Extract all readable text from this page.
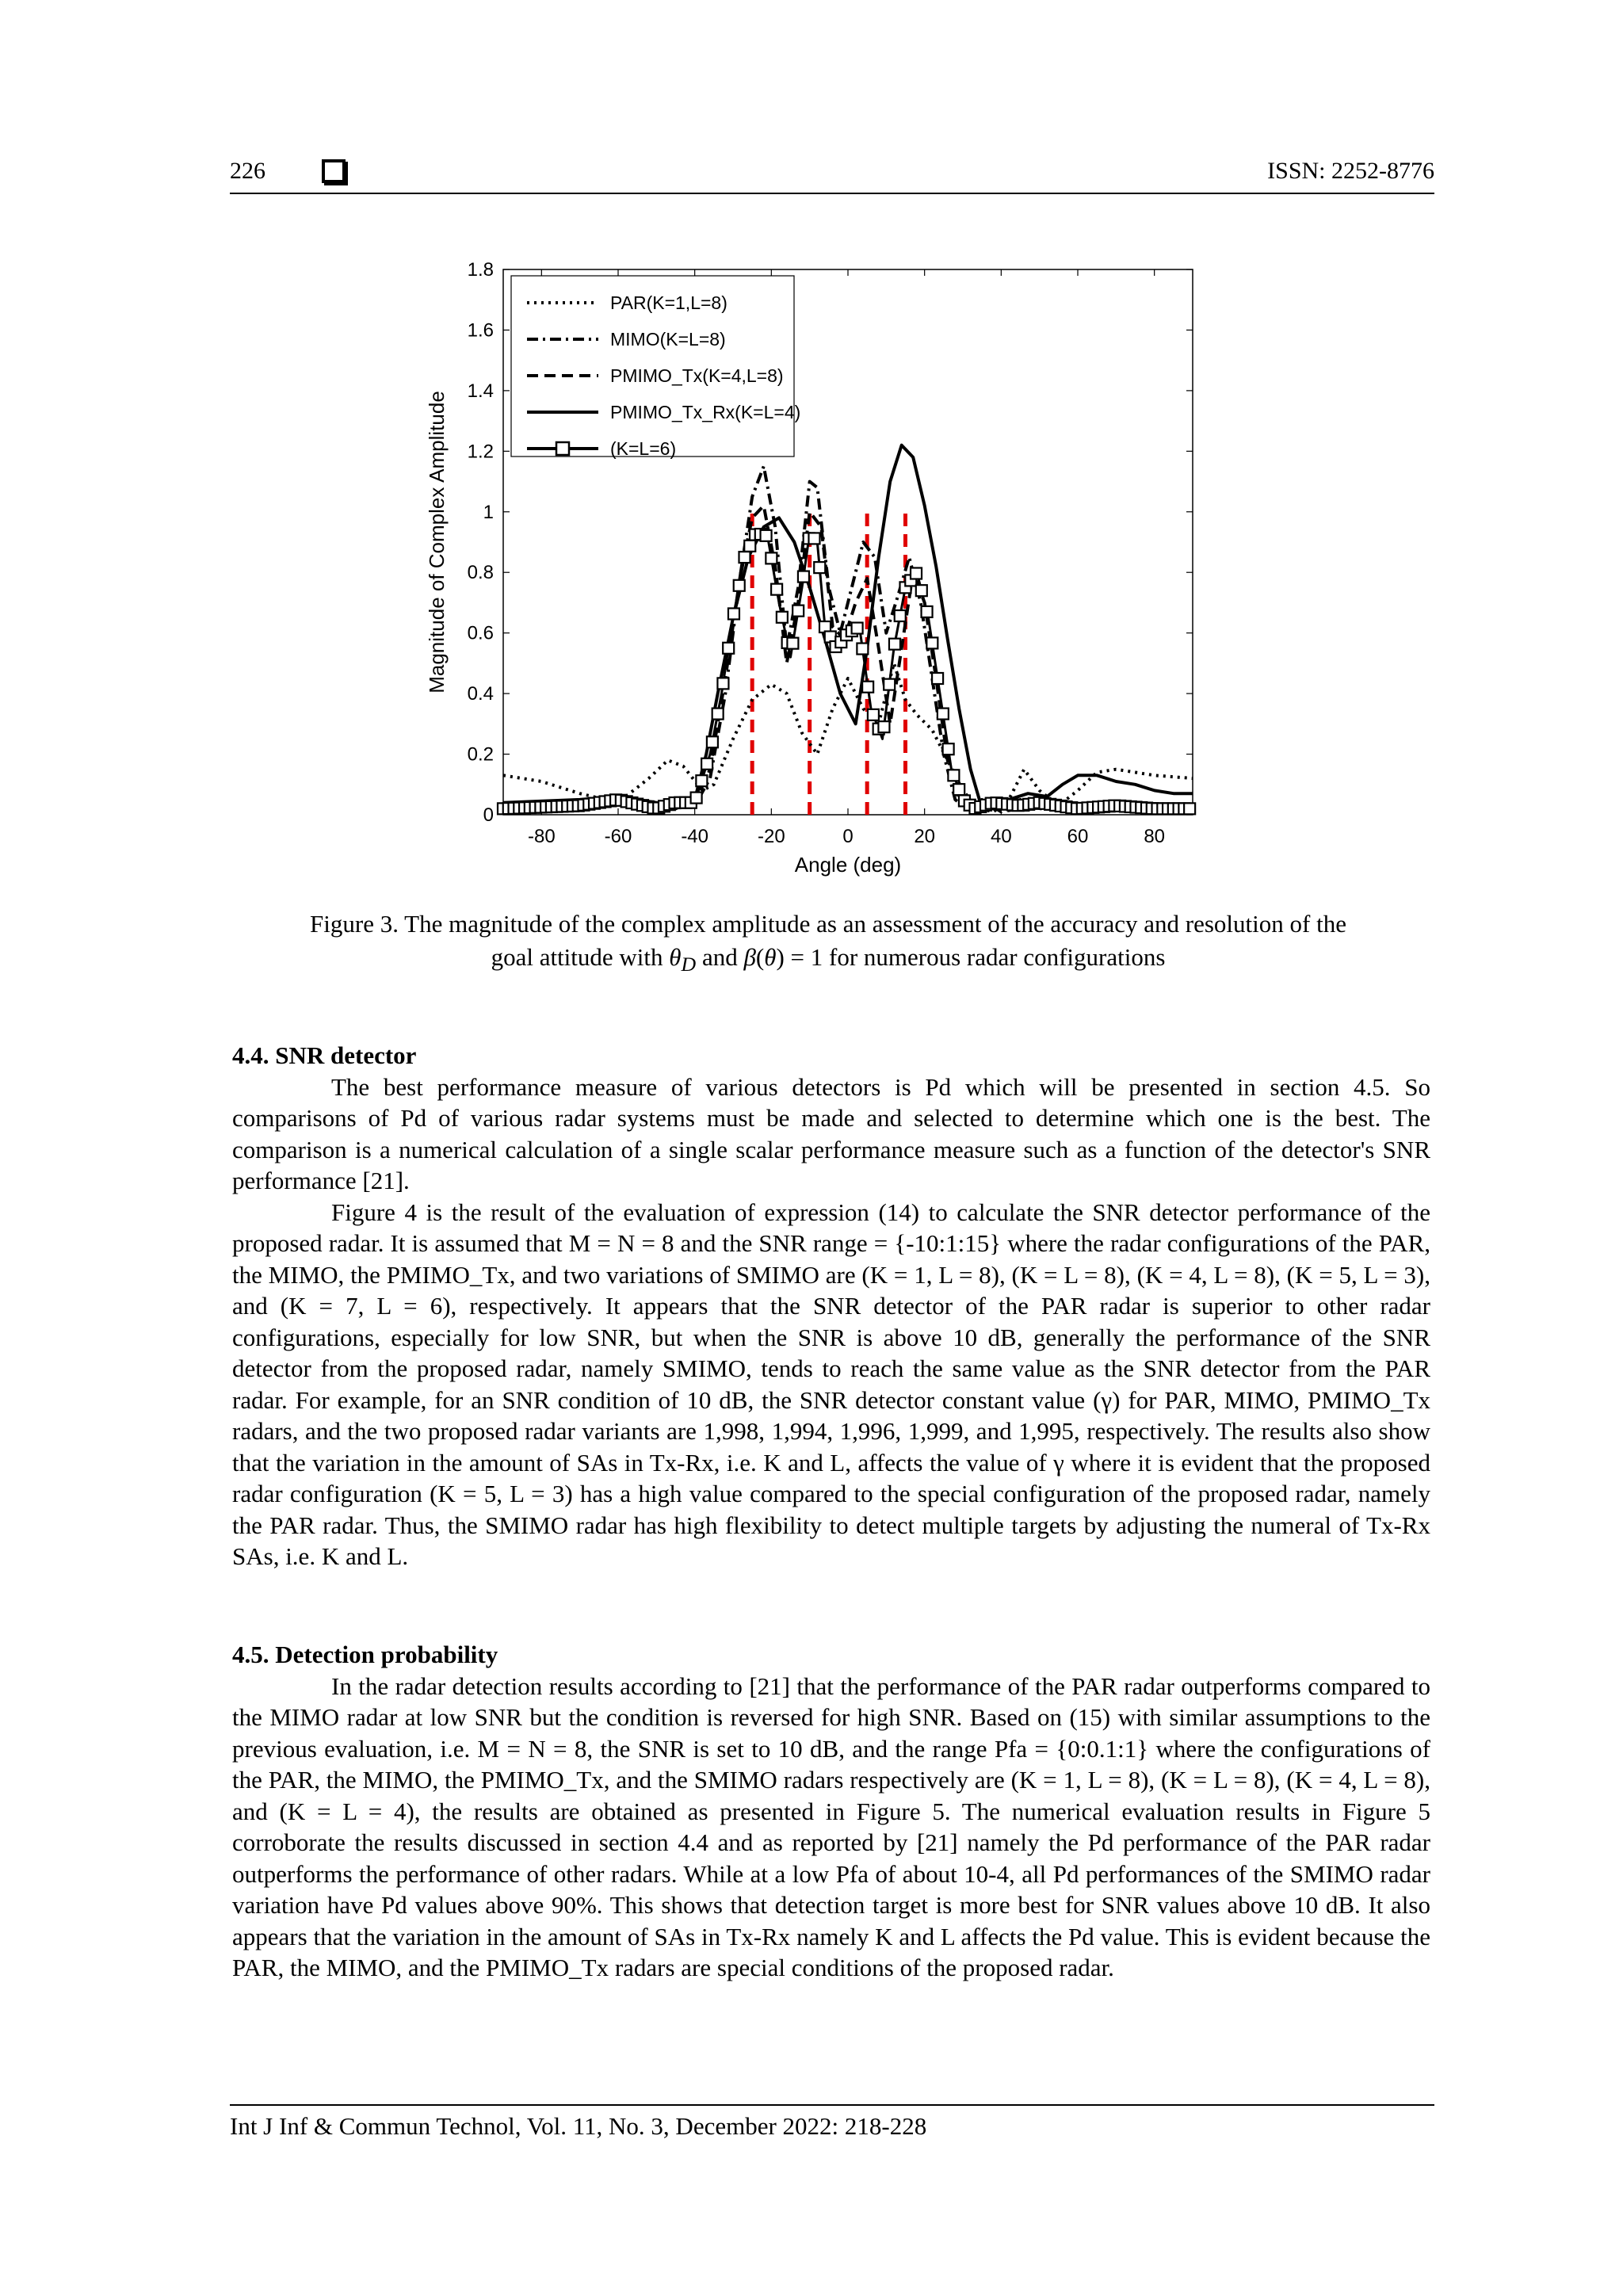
226	ISSN: 2252-8776
-80	-60	-40	-20	0	20	40	60	80
0
0.2
0.4
0.6
0.8
1
1.2
1.4
1.6
1.8
PAR(K=1,L=8)
MIMO(K=L=8)
PMIMO_Tx(K=4,L=8)
PMIMO_Tx_Rx(K=L=4)
(K=L=6)
Angle (deg)
Magnitude of Complex Amplitude
Figure 3. The magnitude of the complex amplitude as an assessment of the accuracy and resolution of the
goal attitude with $\theta_D$ and β(θ) = 1 for numerous radar configurations

4.4. SNR detector

The best performance measure of various detectors is Pd which will be presented in section 4.5. So comparisons of Pd of various radar systems must be made and selected to determine which one is the best. The comparison is a numerical calculation of a single scalar performance measure such as a function of the detector's SNR performance [21].

Figure 4 is the result of the evaluation of expression (14) to calculate the SNR detector performance of the proposed radar. It is assumed that M = N = 8 and the SNR range = {-10:1:15} where the radar configurations of the PAR, the MIMO, the PMIMO_Tx, and two variations of SMIMO are (K = 1, L = 8), (K = L = 8), (K = 4, L = 8), (K = 5, L = 3), and (K = 7, L = 6), respectively. It appears that the SNR detector of the PAR radar is superior to other radar configurations, especially for low SNR, but when the SNR is above 10 dB, generally the performance of the SNR detector from the proposed radar, namely SMIMO, tends to reach the same value as the SNR detector from the PAR radar. For example, for an SNR condition of 10 dB, the SNR detector constant value (γ) for PAR, MIMO, PMIMO_Tx radars, and the two proposed radar variants are 1,998, 1,994, 1,996, 1,999, and 1,995, respectively. The results also show that the variation in the amount of SAs in Tx-Rx, i.e. K and L, affects the value of γ where it is evident that the proposed radar configuration (K = 5, L = 3) has a high value compared to the special configuration of the proposed radar, namely the PAR radar. Thus, the SMIMO radar has high flexibility to detect multiple targets by adjusting the numeral of Tx-Rx SAs, i.e. K and L.

4.5. Detection probability

In the radar detection results according to [21] that the performance of the PAR radar outperforms compared to the MIMO radar at low SNR but the condition is reversed for high SNR. Based on (15) with similar assumptions to the previous evaluation, i.e. M = N = 8, the SNR is set to 10 dB, and the range Pfa = {0:0.1:1} where the configurations of the PAR, the MIMO, the PMIMO_Tx, and the SMIMO radars respectively are (K = 1, L = 8), (K = L = 8), (K = 4, L = 8), and (K = L = 4), the results are obtained as presented in Figure 5. The numerical evaluation results in Figure 5 corroborate the results discussed in section 4.4 and as reported by [21] namely the Pd performance of the PAR radar outperforms the performance of other radars. While at a low Pfa of about 10-4, all Pd performances of the SMIMO radar variation have Pd values above 90%. This shows that detection target is more best for SNR values above 10 dB. It also appears that the variation in the amount of SAs in Tx-Rx namely K and L affects the Pd value. This is evident because the PAR, the MIMO, and the PMIMO_Tx radars are special conditions of the proposed radar.

Int J Inf & Commun Technol, Vol. 11, No. 3, December 2022: 218-228
